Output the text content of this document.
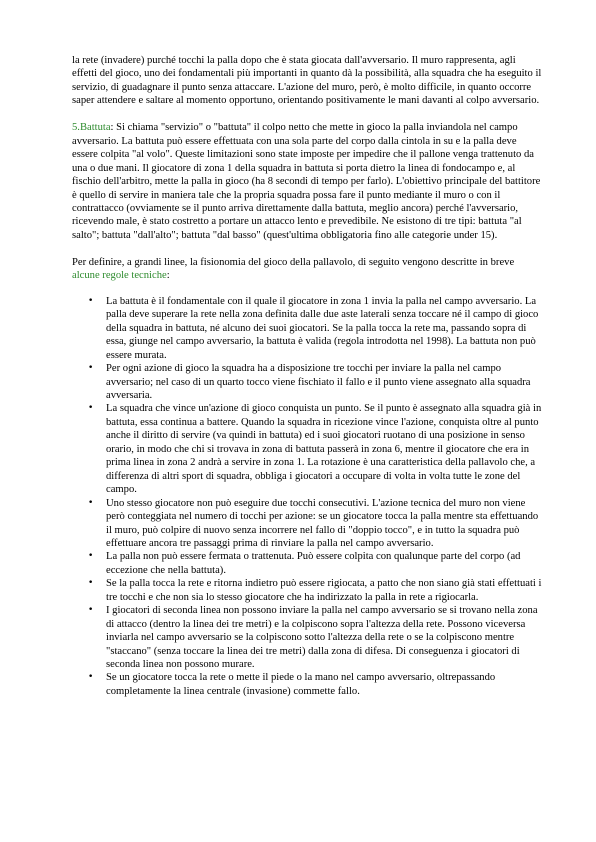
la rete (invadere) purché tocchi la palla dopo che è stata giocata dall'avversario. Il muro rappresenta, agli effetti del gioco, uno dei fondamentali più importanti in quanto dà la possibilità, alla squadra che ha eseguito il servizio, di guadagnare il punto senza attaccare. L'azione del muro, però, è molto difficile, in quanto occorre saper attendere e saltare al momento opportuno, orientando positivamente le mani davanti al colpo avversario.

5.Battuta: Si chiama "servizio" o "battuta" il colpo netto che mette in gioco la palla inviandola nel campo avversario. La battuta può essere effettuata con una sola parte del corpo dalla cintola in su e la palla deve essere colpita "al volo". Queste limitazioni sono state imposte per impedire che il pallone venga trattenuto da una o due mani. Il giocatore di zona 1 della squadra in battuta si porta dietro la linea di fondocampo e, al fischio dell'arbitro, mette la palla in gioco (ha 8 secondi di tempo per farlo). L'obiettivo principale del battitore è quello di servire in maniera tale che la propria squadra possa fare il punto mediante il muro o con il contrattacco (ovviamente se il punto arriva direttamente dalla battuta, meglio ancora) perché l'avversario, ricevendo male, è stato costretto a portare un attacco lento e prevedibile. Ne esistono di tre tipi: battuta "al salto"; battuta "dall'alto"; battuta "dal basso" (quest'ultima obbligatoria fino alle categorie under 15).

Per definire, a grandi linee, la fisionomia del gioco della pallavolo, di seguito vengono descritte in breve alcune regole tecniche:

• La battuta è il fondamentale con il quale il giocatore in zona 1 invia la palla nel campo avversario. La palla deve superare la rete nella zona definita dalle due aste laterali senza toccare né il campo di gioco della squadra in battuta, né alcuno dei suoi giocatori. Se la palla tocca la rete ma, passando sopra di essa, giunge nel campo avversario, la battuta è valida (regola introdotta nel 1998). La battuta non può essere murata.
• Per ogni azione di gioco la squadra ha a disposizione tre tocchi per inviare la palla nel campo avversario; nel caso di un quarto tocco viene fischiato il fallo e il punto viene assegnato alla squadra avversaria.
• La squadra che vince un'azione di gioco conquista un punto. Se il punto è assegnato alla squadra già in battuta, essa continua a battere. Quando la squadra in ricezione vince l'azione, conquista oltre al punto anche il diritto di servire (va quindi in battuta) ed i suoi giocatori ruotano di una posizione in senso orario, in modo che chi si trovava in zona di battuta passerà in zona 6, mentre il giocatore che era in prima linea in zona 2 andrà a servire in zona 1. La rotazione è una caratteristica della pallavolo che, a differenza di altri sport di squadra, obbliga i giocatori a occupare di volta in volta tutte le zone del campo.
• Uno stesso giocatore non può eseguire due tocchi consecutivi. L'azione tecnica del muro non viene però conteggiata nel numero di tocchi per azione: se un giocatore tocca la palla mentre sta effettuando il muro, può colpire di nuovo senza incorrere nel fallo di "doppio tocco", e in tutto la squadra può effettuare ancora tre passaggi prima di rinviare la palla nel campo avversario.
• La palla non può essere fermata o trattenuta. Può essere colpita con qualunque parte del corpo (ad eccezione che nella battuta).
• Se la palla tocca la rete e ritorna indietro può essere rigiocata, a patto che non siano già stati effettuati i tre tocchi e che non sia lo stesso giocatore che ha indirizzato la palla in rete a rigiocarla.
• I giocatori di seconda linea non possono inviare la palla nel campo avversario se si trovano nella zona di attacco (dentro la linea dei tre metri) e la colpiscono sopra l'altezza della rete. Possono viceversa inviarla nel campo avversario se la colpiscono sotto l'altezza della rete o se la colpiscono mentre "staccano" (senza toccare la linea dei tre metri) dalla zona di difesa. Di conseguenza i giocatori di seconda linea non possono murare.
• Se un giocatore tocca la rete o mette il piede o la mano nel campo avversario, oltrepassando completamente la linea centrale (invasione) commette fallo.
